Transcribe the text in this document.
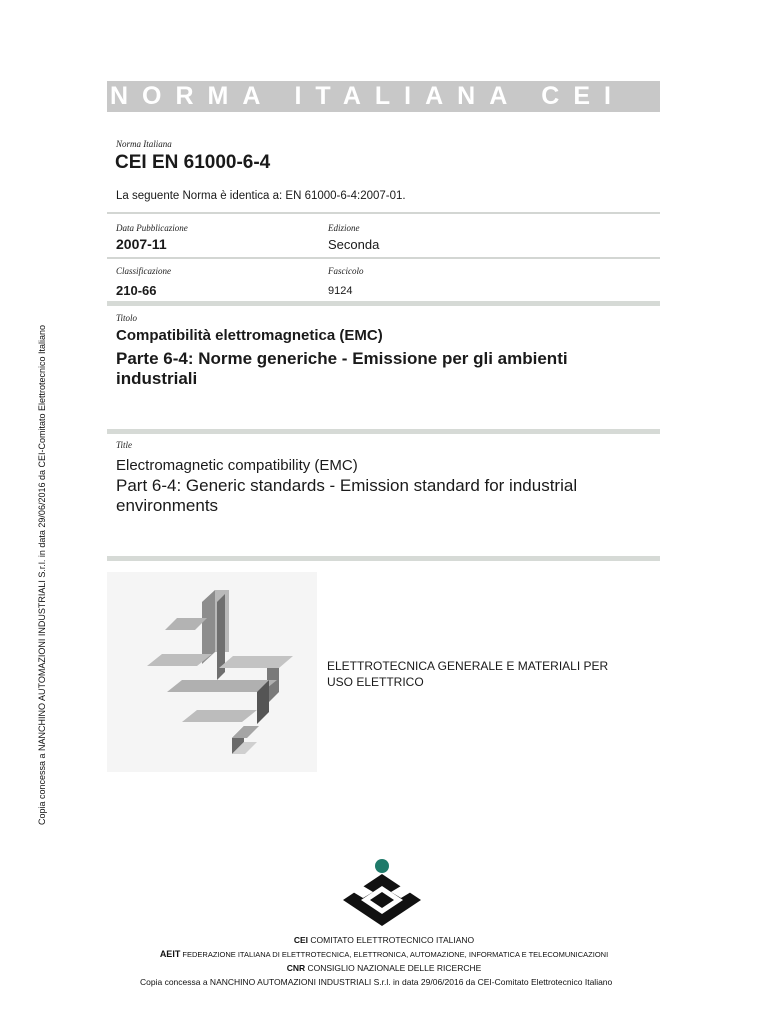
Copia concessa a NANCHINO AUTOMAZIONI INDUSTRIALI S.r.l. in data 29/06/2016 da CEI-Comitato Elettrotecnico Italiano
NORMA ITALIANA CEI
Norma Italiana
CEI EN 61000-6-4
La seguente Norma è identica a: EN 61000-6-4:2007-01.
Data Pubblicazione
2007-11
Edizione
Seconda
Classificazione
210-66
Fascicolo
9124
Titolo
Compatibilità elettromagnetica (EMC)
Parte 6-4: Norme generiche - Emissione per gli ambienti
industriali
Title
Electromagnetic compatibility (EMC)
Part 6-4: Generic standards - Emission standard for industrial
environments
ELETTROTECNICA GENERALE E MATERIALI PER
USO ELETTRICO
CEI COMITATO ELETTROTECNICO ITALIANO
AEIT FEDERAZIONE ITALIANA DI ELETTROTECNICA, ELETTRONICA, AUTOMAZIONE, INFORMATICA E TELECOMUNICAZIONI
CNR CONSIGLIO NAZIONALE DELLE RICERCHE
Copia concessa a NANCHINO AUTOMAZIONI INDUSTRIALI S.r.l. in data 29/06/2016 da CEI-Comitato Elettrotecnico Italiano
